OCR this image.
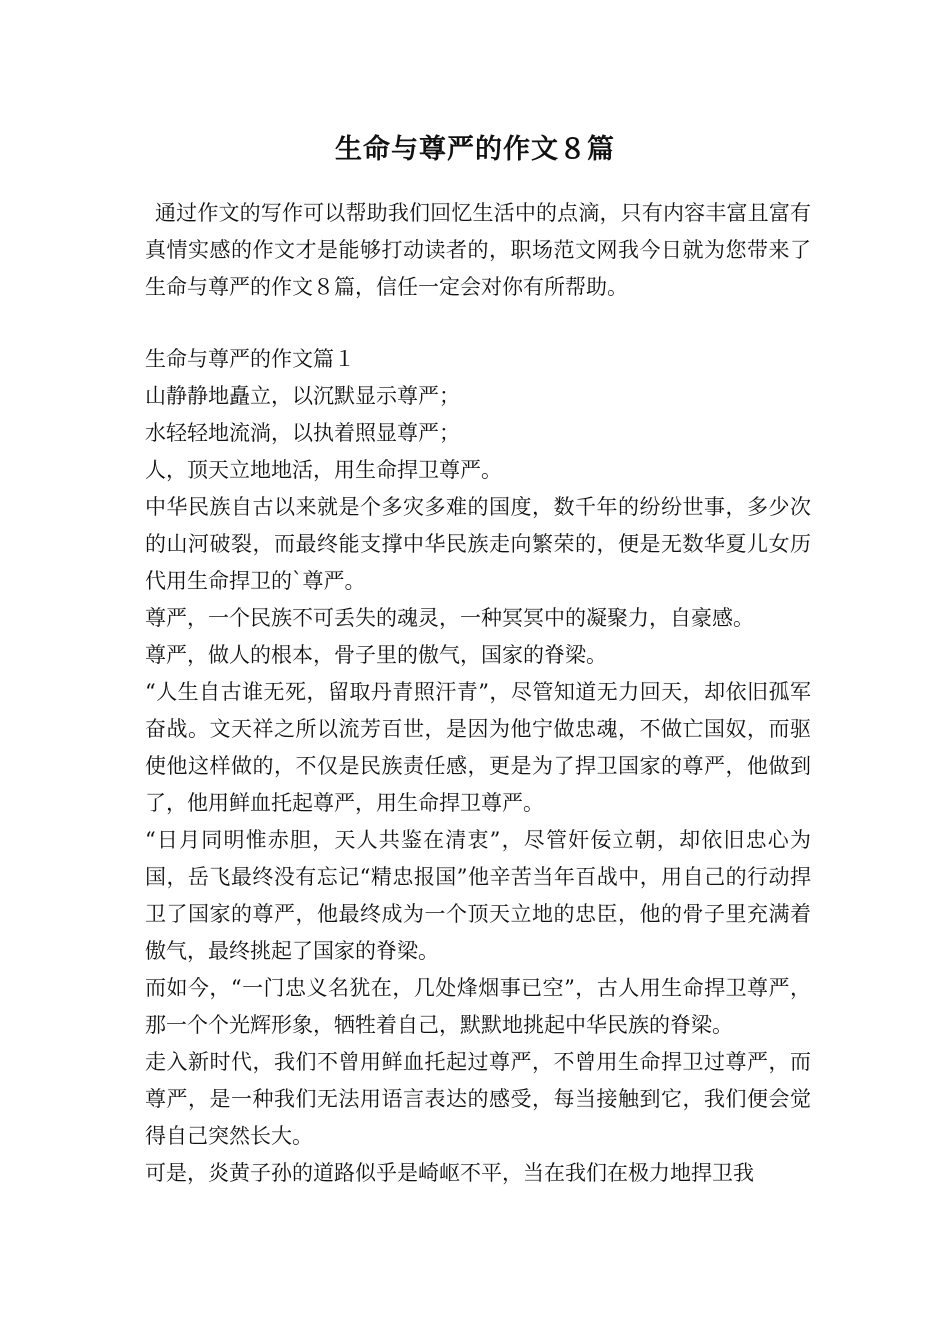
生命与尊严的作文８篇
通过作文的写作可以帮助我们回忆生活中的点滴，只有内容丰富且富有真情实感的作文才是能够打动读者的，职场范文网我今日就为您带来了生命与尊严的作文８篇，信任一定会对你有所帮助。

生命与尊严的作文篇１

山静静地矗立，以沉默显示尊严；

水轻轻地流淌，以执着照显尊严；

人，顶天立地地活，用生命捍卫尊严。

中华民族自古以来就是个多灾多难的国度，数千年的纷纷世事，多少次的山河破裂，而最终能支撑中华民族走向繁荣的，便是无数华夏儿女历代用生命捍卫的`尊严。

尊严，一个民族不可丢失的魂灵，一种冥冥中的凝聚力，自豪感。

尊严，做人的根本，骨子里的傲气，国家的脊梁。

“人生自古谁无死，留取丹青照汗青”，尽管知道无力回天，却依旧孤军奋战。文天祥之所以流芳百世，是因为他宁做忠魂，不做亡国奴，而驱使他这样做的，不仅是民族责任感，更是为了捍卫国家的尊严，他做到了，他用鲜血托起尊严，用生命捍卫尊严。

“日月同明惟赤胆，天人共鉴在清衷”，尽管奸佞立朝，却依旧忠心为国，岳飞最终没有忘记“精忠报国”他辛苦当年百战中，用自己的行动捍卫了国家的尊严，他最终成为一个顶天立地的忠臣，他的骨子里充满着傲气，最终挑起了国家的脊梁。

而如今，“一门忠义名犹在，几处烽烟事已空”，古人用生命捍卫尊严，那一个个光辉形象，牺牲着自己，默默地挑起中华民族的脊梁。

走入新时代，我们不曾用鲜血托起过尊严，不曾用生命捍卫过尊严，而尊严，是一种我们无法用语言表达的感受，每当接触到它，我们便会觉得自己突然长大。

可是，炎黄子孙的道路似乎是崎岖不平，当在我们在极力地捍卫我
